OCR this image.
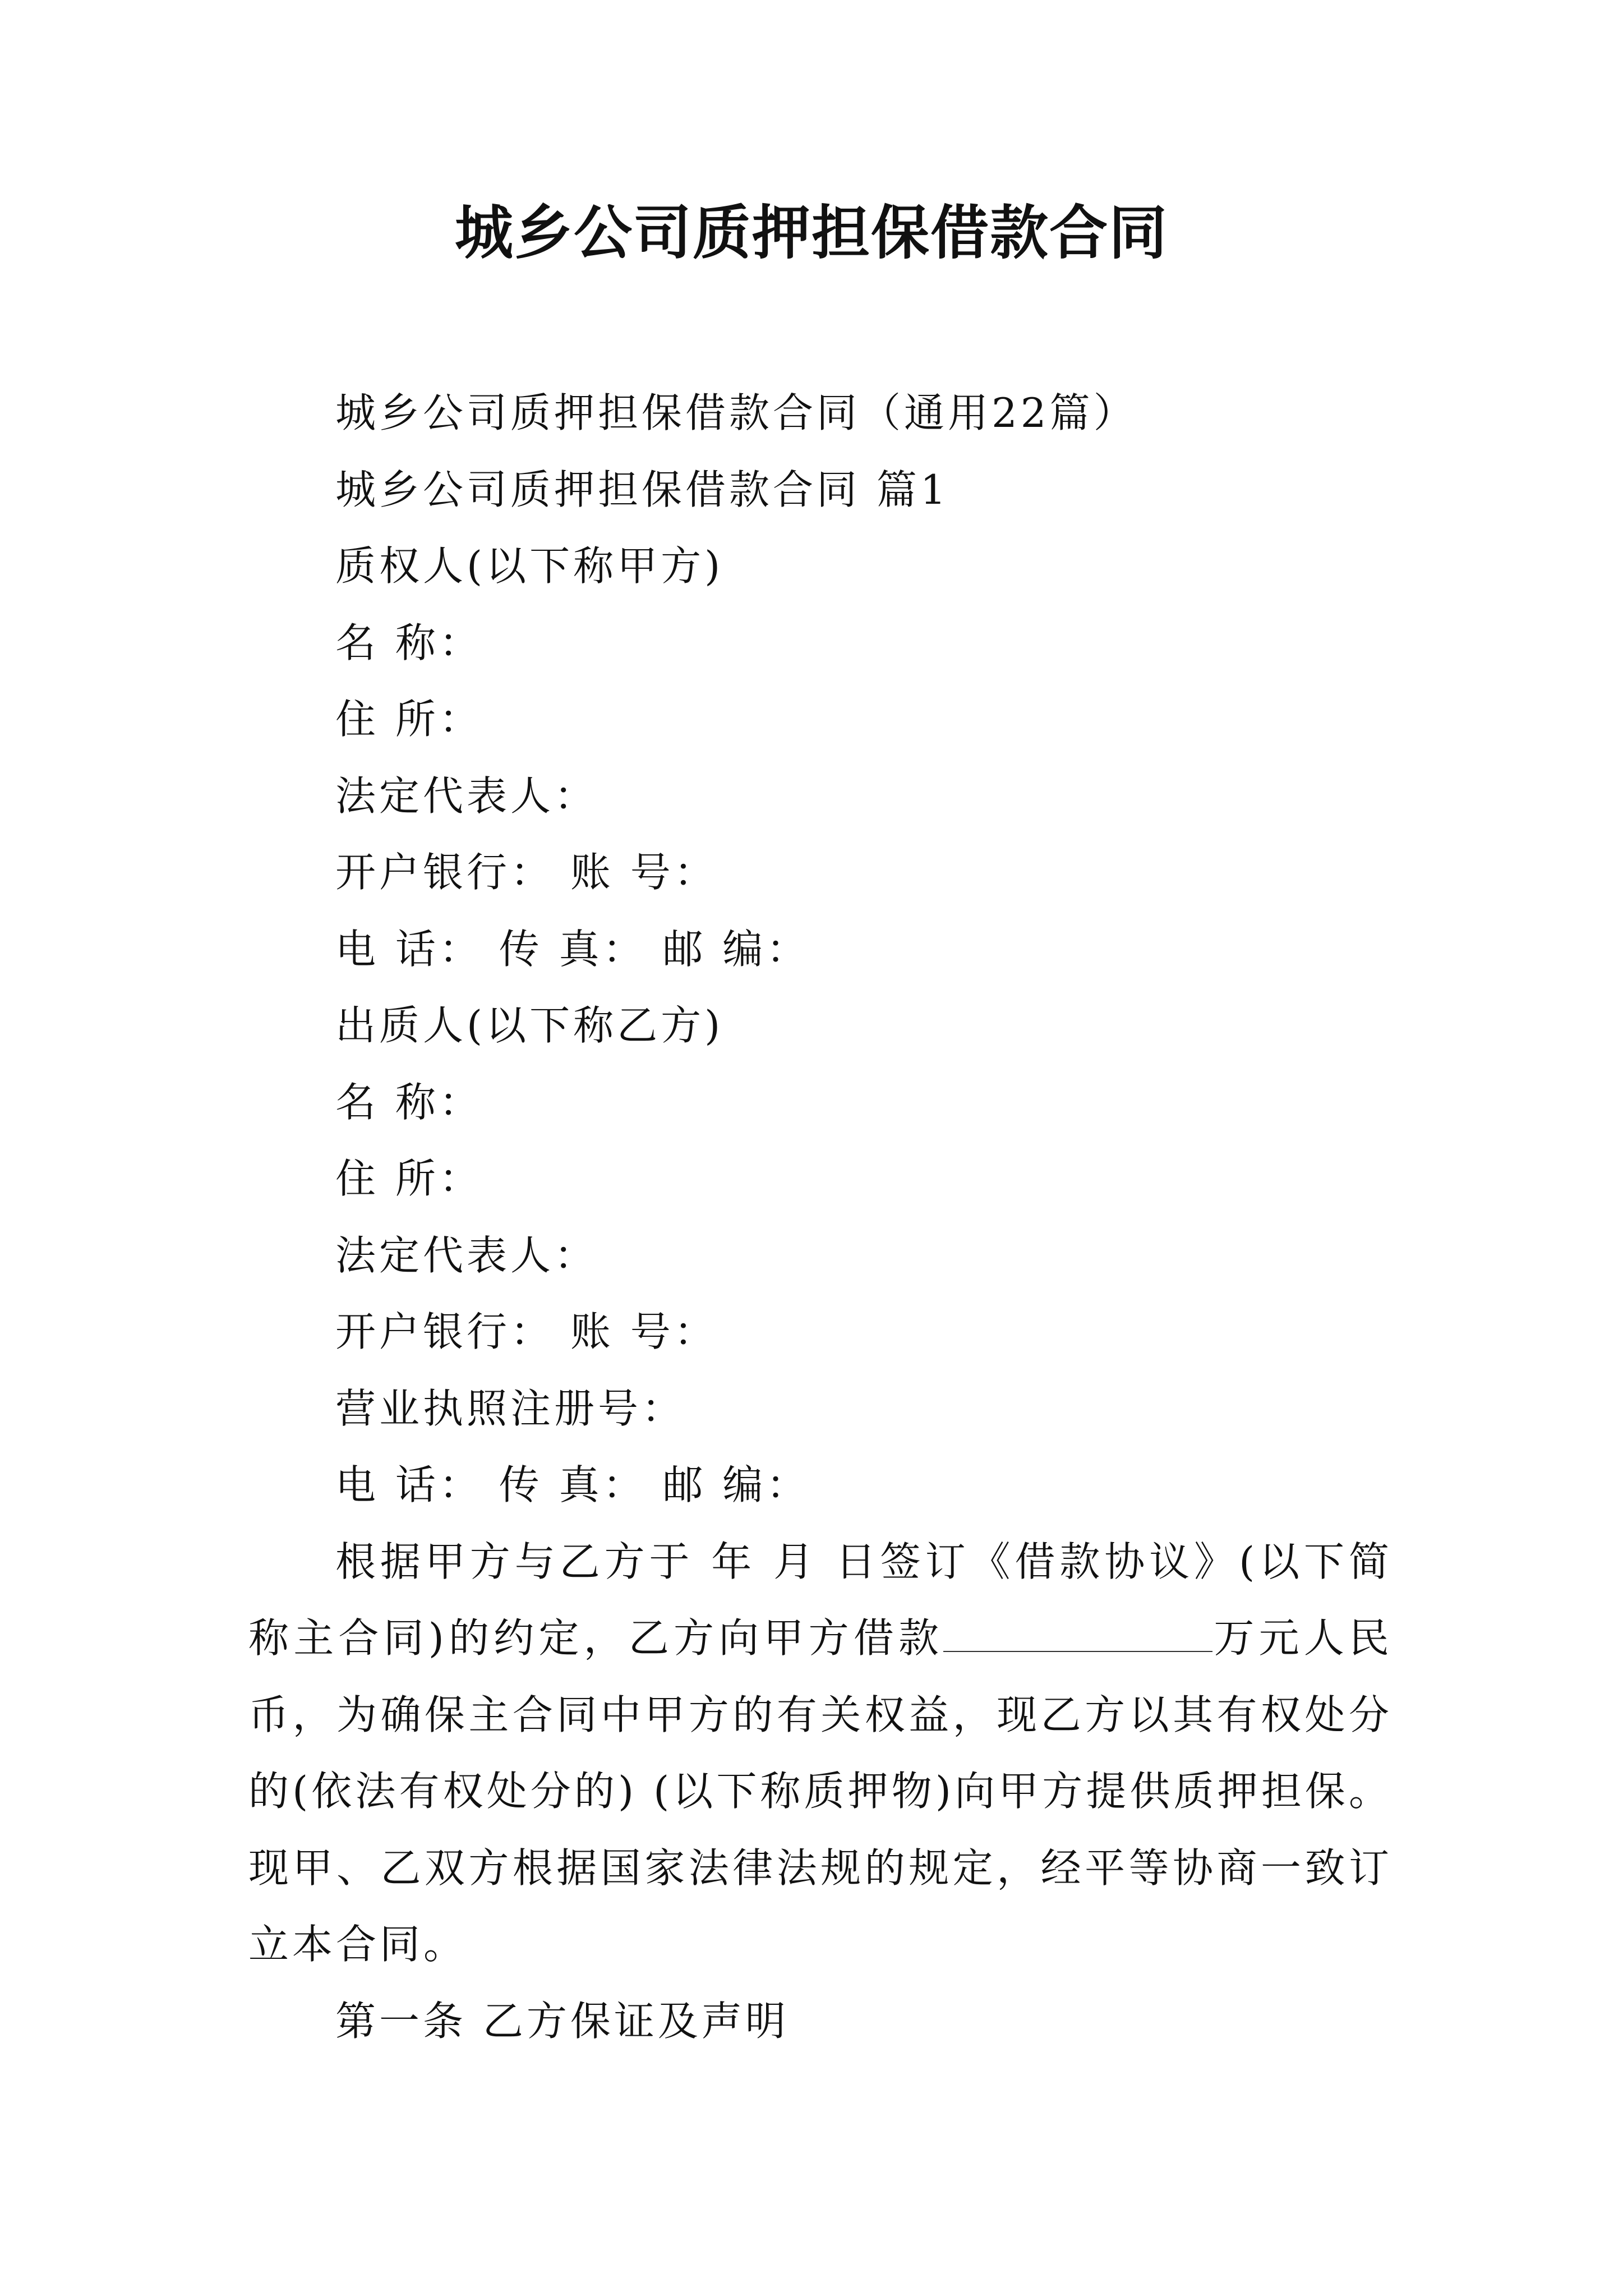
城乡公司质押担保借款合同
城乡公司质押担保借款合同（通用22篇）
城乡公司质押担保借款合同 篇1
质权人(以下称甲方)
名 称：
住 所：
法定代表人：
开户银行： 账 号：
电 话： 传 真： 邮 编：
出质人(以下称乙方)
名 称：
住 所：
法定代表人：
开户银行： 账 号：
营业执照注册号：
电 话： 传 真： 邮 编：
根据甲方与乙方于 年 月 日签订《借款协议》(以下简称主合同)的约定，乙方向甲方借款	万元人民币，为确保主合同中甲方的有关权益，现乙方以其有权处分的(依法有权处分的) (以下称质押物)向甲方提供质押担保。现甲、乙双方根据国家法律法规的规定，经平等协商一致订立本合同。
第一条 乙方保证及声明
